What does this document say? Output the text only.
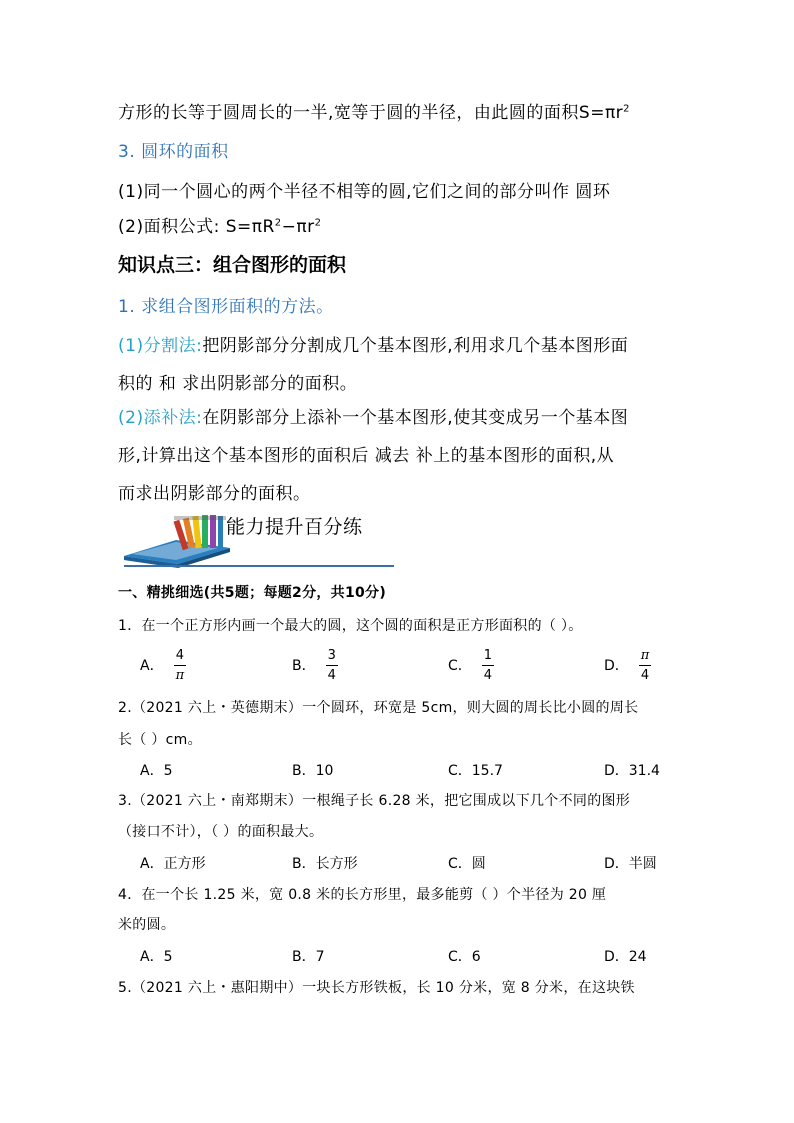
方形的长等于圆周长的一半,宽等于圆的半径，由此圆的面积$S=\pi r^2$
3. 圆环的面积
(1)同一个圆心的两个半径不相等的圆,它们之间的部分叫作 圆环
(2)面积公式: $S=\pi R^2-\pi r^2$
知识点三：组合图形的面积
1. 求组合图形面积的方法。
(1)分割法:把阴影部分分割成几个基本图形,利用求几个基本图形面
积的 和 求出阴影部分的面积。
(2)添补法:在阴影部分上添补一个基本图形,使其变成另一个基本图
形,计算出这个基本图形的面积后 减去 补上的基本图形的面积,从
而求出阴影部分的面积。
能力提升百分练
一、精挑细选(共5题；每题2分，共10分)
1．在一个正方形内画一个最大的圆，这个圆的面积是正方形面积的（ ）。
A． $\frac{4}{\pi}$	B． $\frac{3}{4}$	C． $\frac{1}{4}$	D． $\frac{\pi}{4}$
2.（2021 六上・英德期末）一个圆环，环宽是 5cm，则大圆的周长比小圆的周长
长（ ）cm。
A．5	B．10	C．15.7	D．31.4
3.（2021 六上・南郑期末）一根绳子长 6.28 米，把它围成以下几个不同的图形
（接口不计），（ ）的面积最大。
A．正方形	B．长方形	C．圆	D．半圆
4．在一个长 1.25 米，宽 0.8 米的长方形里，最多能剪（ ）个半径为 20 厘
米的圆。
A．5	B．7	C．6	D．24
5.（2021 六上・惠阳期中）一块长方形铁板，长 10 分米，宽 8 分米，在这块铁
